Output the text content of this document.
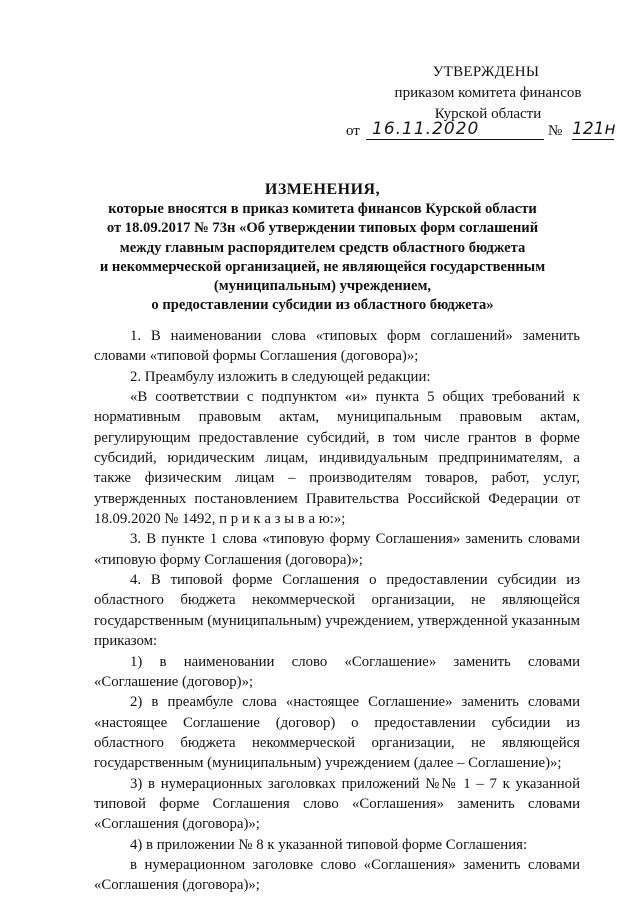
УТВЕРЖДЕНЫ
приказом комитета финансов
Курской области
от 16.11.2020	№ 121н
ИЗМЕНЕНИЯ,
которые вносятся в приказ комитета финансов Курской области
от 18.09.2017 № 73н «Об утверждении типовых форм соглашений
между главным распорядителем средств областного бюджета
и некоммерческой организацией, не являющейся государственным
(муниципальным) учреждением,
о предоставлении субсидии из областного бюджета»

1. В наименовании слова «типовых форм соглашений» заменить словами «типовой формы Соглашения (договора)»;

2. Преамбулу изложить в следующей редакции:

«В соответствии с подпунктом «и» пункта 5 общих требований к нормативным правовым актам, муниципальным правовым актам, регулирующим предоставление субсидий, в том числе грантов в форме субсидий, юридическим лицам, индивидуальным предпринимателям, а также физическим лицам – производителям товаров, работ, услуг, утвержденных постановлением Правительства Российской Федерации от 18.09.2020 № 1492, п р и к а з ы в а ю:»;

3. В пункте 1 слова «типовую форму Соглашения» заменить словами «типовую форму Соглашения (договора)»;

4. В типовой форме Соглашения о предоставлении субсидии из областного бюджета некоммерческой организации, не являющейся государственным (муниципальным) учреждением, утвержденной указанным приказом:

1) в наименовании слово «Соглашение» заменить словами «Соглашение (договор)»;

2) в преамбуле слова «настоящее Соглашение» заменить словами «настоящее Соглашение (договор) о предоставлении субсидии из областного бюджета некоммерческой организации, не являющейся государственным (муниципальным) учреждением (далее – Соглашение)»;

3) в нумерационных заголовках приложений №№ 1 – 7 к указанной типовой форме Соглашения слово «Соглашения» заменить словами «Соглашения (договора)»;

4) в приложении № 8 к указанной типовой форме Соглашения:

в нумерационном заголовке слово «Соглашения» заменить словами «Соглашения (договора)»;
